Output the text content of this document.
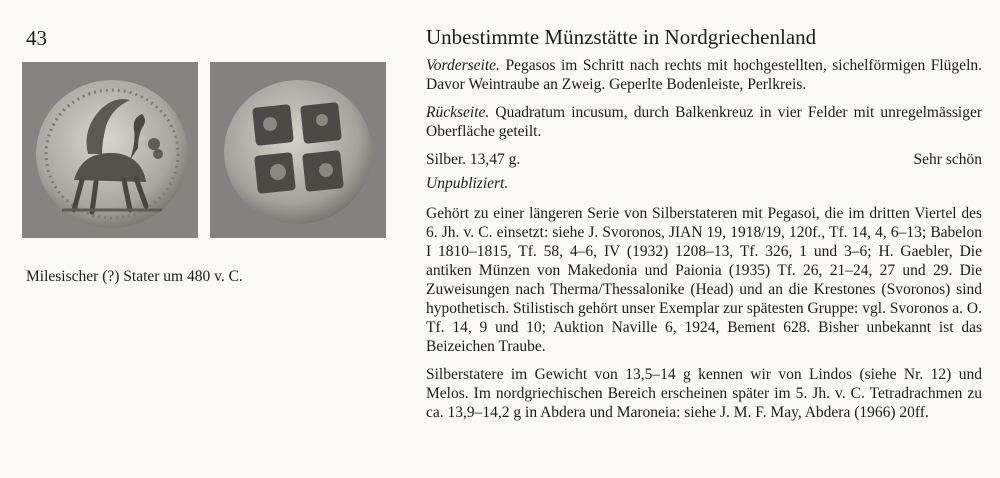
43
Milesischer (?) Stater um 480 v. C.
Unbestimmte Münzstätte in Nordgriechenland
Vorderseite. Pegasos im Schritt nach rechts mit hochgestellten, sichelförmigen Flügeln. Davor Weintraube an Zweig. Geperlte Bodenleiste, Perlkreis.
Rückseite. Quadratum incusum, durch Balkenkreuz in vier Felder mit unregelmässiger Oberfläche geteilt.
Silber. 13,47 g.	Sehr schön
Unpubliziert.
Gehört zu einer längeren Serie von Silberstateren mit Pegasoi, die im dritten Viertel des 6. Jh. v. C. einsetzt: siehe J. Svoronos, JIAN 19, 1918/19, 120f., Tf. 14, 4, 6–13; Babelon I 1810–1815, Tf. 58, 4–6, IV (1932) 1208–13, Tf. 326, 1 und 3–6; H. Gaebler, Die antiken Münzen von Makedonia und Paionia (1935) Tf. 26, 21–24, 27 und 29. Die Zuweisungen nach Therma/Thessalonike (Head) und an die Krestones (Svoronos) sind hypothetisch. Stilistisch gehört unser Exemplar zur spätesten Gruppe: vgl. Svoronos a. O. Tf. 14, 9 und 10; Auktion Naville 6, 1924, Bement 628. Bisher unbekannt ist das Beizeichen Traube.
Silberstatere im Gewicht von 13,5–14 g kennen wir von Lindos (siehe Nr. 12) und Melos. Im nordgriechischen Bereich erscheinen später im 5. Jh. v. C. Tetradrachmen zu ca. 13,9–14,2 g in Abdera und Maroneia: siehe J. M. F. May, Abdera (1966) 20ff.
